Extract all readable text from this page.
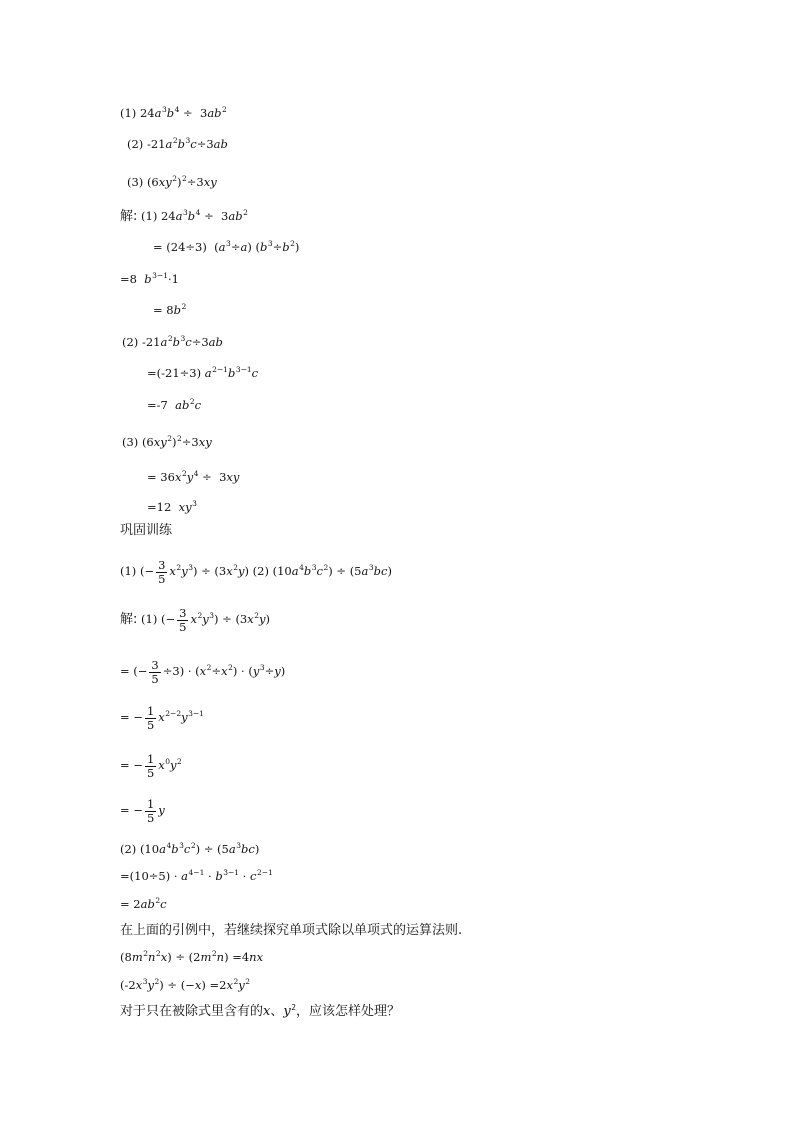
(1) $24a^3b^4 \div 3ab^2$
(2) $-21a^2b^3c\div 3ab$
(3) $(6xy^2)^2\div 3xy$
解: (1) $24a^3b^4 \div 3ab^2$
= (24÷3)  $(a^3\div a)$ $(b^3\div b^2)$
=8 $b^{3-1}\cdot 1$
= $8b^2$
(2) $-21a^2b^3c\div 3ab$
=(-21÷3) $a^{2-1}b^{3-1}c$
=-7 $ab^2c$
(3) $(6xy^2)^2\div 3xy$
= $36x^2y^4 \div 3xy$
=12 $xy^3$
巩固训练
(1) (− $\frac{3}{5} x^2y^3) \div (3x^2y)$ (2) $(10a^4b^3c^2) \div (5a^3bc)$
解: (1) (− $\frac{3}{5} x^2y^3) \div (3x^2y)$
= (− $\frac{3}{5} \div 3) \cdot (x^2\div x^2) \cdot (y^3\div y)$
= − $\frac{1}{5} x^{2-2}y^{3-1}$
= − $\frac{1}{5} x^0y^2$
= − $\frac{1}{5}$ y
(2) $(10a^4b^3c^2) \div (5a^3bc)$
$=(10\div 5) \cdot a^{4-1} \cdot b^{3-1} \cdot c^{2-1}$
= $2ab^2c$
在上面的引例中，若继续探究单项式除以单项式的运算法则.
$(8m^2n^2x) \div (2m^2n) =4nx$
$(-2x^3y^2) \div (-x) =2x^2y^2$
对于只在被除式里含有的x、$y^2$，应该怎样处理？
